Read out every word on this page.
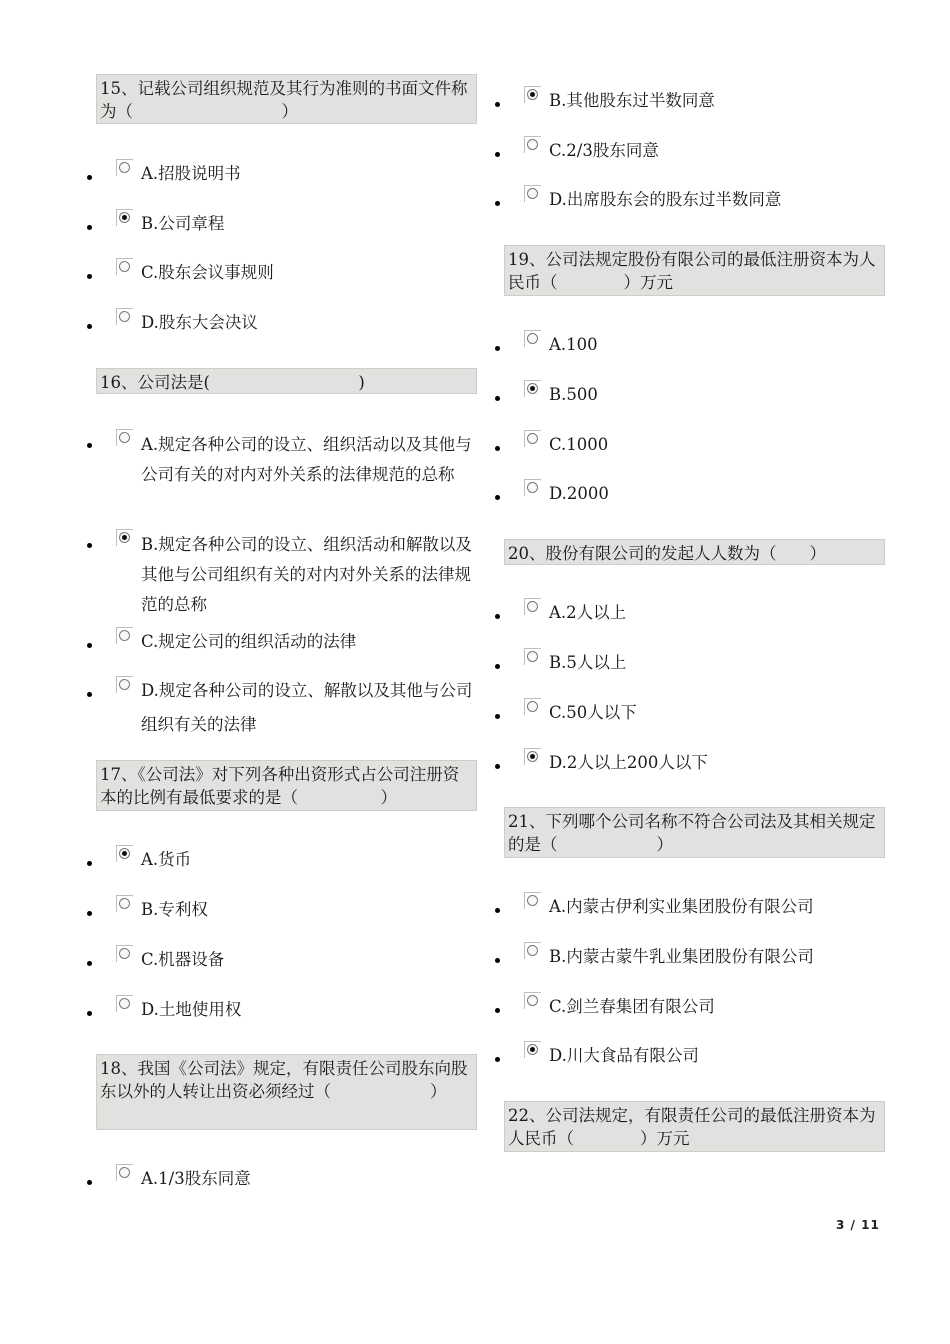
15、记载公司组织规范及其行为准则的书面文件称为（　　　　　　　　　）
A.招股说明书
B.公司章程
C.股东会议事规则
D.股东大会决议
16、公司法是(　　　　　　　　　)
A.规定各种公司的设立、组织活动以及其他与公司有关的对内对外关系的法律规范的总称
B.规定各种公司的设立、组织活动和解散以及其他与公司组织有关的对内对外关系的法律规范的总称
C.规定公司的组织活动的法律
D.规定各种公司的设立、解散以及其他与公司组织有关的法律
17、《公司法》对下列各种出资形式占公司注册资本的比例有最低要求的是（　　　　　）
A.货币
B.专利权
C.机器设备
D.土地使用权
18、我国《公司法》规定，有限责任公司股东向股东以外的人转让出资必须经过（　　　　　　）
A.1/3股东同意
B.其他股东过半数同意
C.2/3股东同意
D.出席股东会的股东过半数同意
19、公司法规定股份有限公司的最低注册资本为人民币（　　　　）万元
A.100
B.500
C.1000
D.2000
20、股份有限公司的发起人人数为（　　）
A.2人以上
B.5人以上
C.50人以下
D.2人以上200人以下
21、下列哪个公司名称不符合公司法及其相关规定的是（　　　　　　）
A.内蒙古伊利实业集团股份有限公司
B.内蒙古蒙牛乳业集团股份有限公司
C.剑兰春集团有限公司
D.川大食品有限公司
22、公司法规定，有限责任公司的最低注册资本为人民币（　　　　）万元
3 / 11
